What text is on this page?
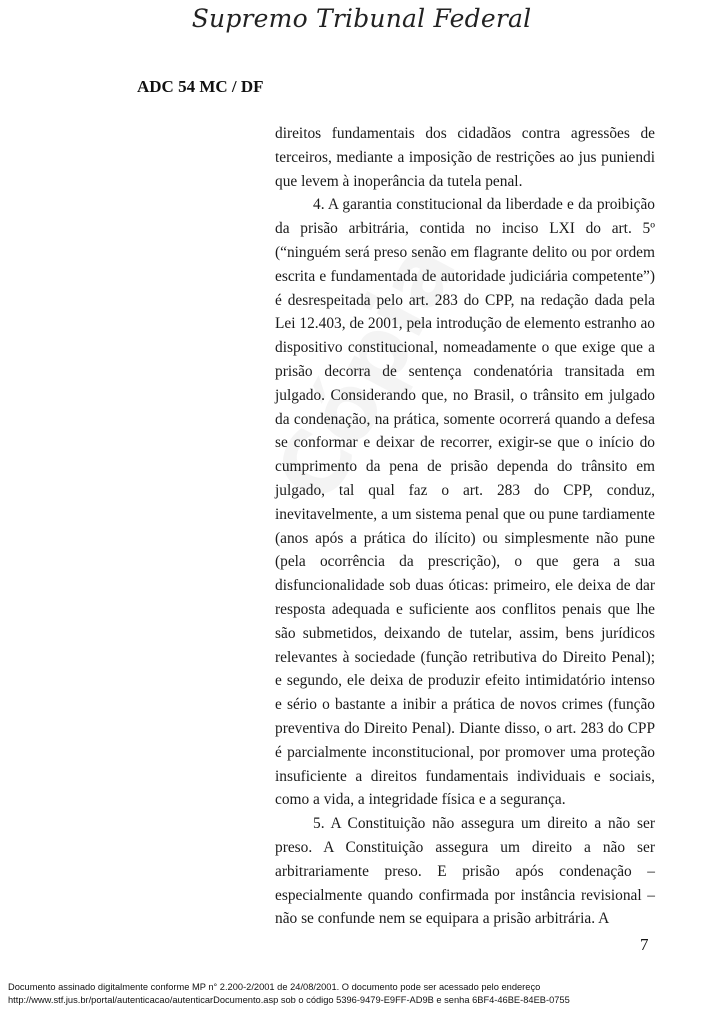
Supremo Tribunal Federal
ADC 54 MC / DF

direitos fundamentais dos cidadãos contra agressões de terceiros, mediante a imposição de restrições ao jus puniendi que levem à inoperância da tutela penal.

4. A garantia constitucional da liberdade e da proibição da prisão arbitrária, contida no inciso LXI do art. 5º (“ninguém será preso senão em flagrante delito ou por ordem escrita e fundamentada de autoridade judiciária competente”) é desrespeitada pelo art. 283 do CPP, na redação dada pela Lei 12.403, de 2001, pela introdução de elemento estranho ao dispositivo constitucional, nomeadamente o que exige que a prisão decorra de sentença condenatória transitada em julgado. Considerando que, no Brasil, o trânsito em julgado da condenação, na prática, somente ocorrerá quando a defesa se conformar e deixar de recorrer, exigir-se que o início do cumprimento da pena de prisão dependa do trânsito em julgado, tal qual faz o art. 283 do CPP, conduz, inevitavelmente, a um sistema penal que ou pune tardiamente (anos após a prática do ilícito) ou simplesmente não pune (pela ocorrência da prescrição), o que gera a sua disfuncionalidade sob duas óticas: primeiro, ele deixa de dar resposta adequada e suficiente aos conflitos penais que lhe são submetidos, deixando de tutelar, assim, bens jurídicos relevantes à sociedade (função retributiva do Direito Penal); e segundo, ele deixa de produzir efeito intimidatório intenso e sério o bastante a inibir a prática de novos crimes (função preventiva do Direito Penal). Diante disso, o art. 283 do CPP é parcialmente inconstitucional, por promover uma proteção insuficiente a direitos fundamentais individuais e sociais, como a vida, a integridade física e a segurança.

5. A Constituição não assegura um direito a não ser preso. A Constituição assegura um direito a não ser arbitrariamente preso. E prisão após condenação – especialmente quando confirmada por instância revisional – não se confunde nem se equipara a prisão arbitrária. A

7
Documento assinado digitalmente conforme MP n° 2.200-2/2001 de 24/08/2001. O documento pode ser acessado pelo endereço
http://www.stf.jus.br/portal/autenticacao/autenticarDocumento.asp sob o código 5396-9479-E9FF-AD9B e senha 6BF4-46BE-84EB-0755
